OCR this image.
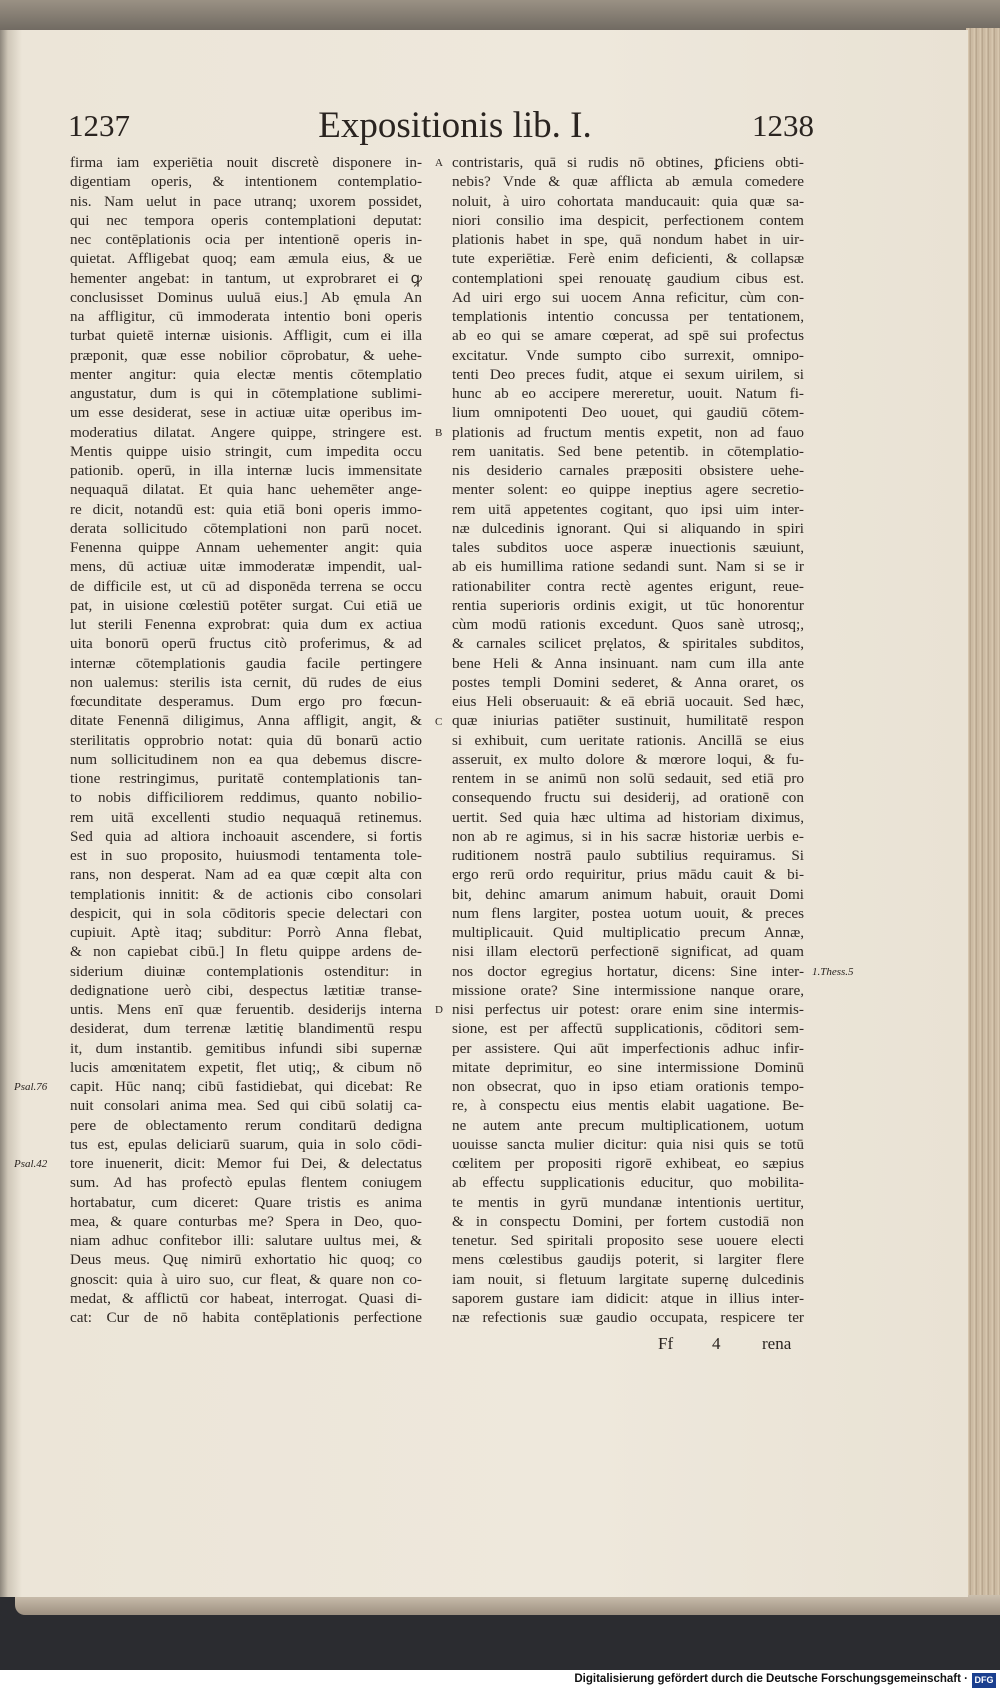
1237	Expositionis lib. I.	1238
firma iam experiētia nouit discretè disponere in-
digentiam operis, & intentionem contemplatio-
nis. Nam uelut in pace utranq; uxorem possidet,
qui nec tempora operis contemplationi deputat:
nec contēplationis ocia per intentionē operis in-
quietat. Affligebat quoq; eam æmula eius, & ue
hementer angebat: in tantum, ut exprobraret ei ꝙ
conclusisset Dominus uuluā eius.] Ab ęmula An
na affligitur, cū immoderata intentio boni operis
turbat quietē internæ uisionis. Affligit, cum ei illa
præponit, quæ esse nobilior cōprobatur, & uehe-
menter angitur: quia electæ mentis cōtemplatio
angustatur, dum is qui in cōtemplatione sublimi-
um esse desiderat, sese in actiuæ uitæ operibus im-
moderatius dilatat. Angere quippe, stringere est.
Mentis quippe uisio stringit, cum impedita occu
pationib. operū, in illa internæ lucis immensitate
nequaquā dilatat. Et quia hanc uehemēter ange-
re dicit, notandū est: quia etiā boni operis immo-
derata sollicitudo cōtemplationi non parū nocet.
Fenenna quippe Annam uehementer angit: quia
mens, dū actiuæ uitæ immoderatæ impendit, ual-
de difficile est, ut cū ad disponēda terrena se occu
pat, in uisione cœlestiū potēter surgat. Cui etiā ue
lut sterili Fenenna exprobrat: quia dum ex actiua
uita bonorū operū fructus citò proferimus, & ad
internæ cōtemplationis gaudia facile pertingere
non ualemus: sterilis ista cernit, dū rudes de eius
fœcunditate desperamus. Dum ergo pro fœcun-
ditate Fenennā diligimus, Anna affligit, angit, &
sterilitatis opprobrio notat: quia dū bonarū actio
num sollicitudinem non ea qua debemus discre-
tione restringimus, puritatē contemplationis tan-
to nobis difficiliorem reddimus, quanto nobilio-
rem uitā excellenti studio nequaquā retinemus.
Sed quia ad altiora inchoauit ascendere, si fortis
est in suo proposito, huiusmodi tentamenta tole-
rans, non desperat. Nam ad ea quæ cœpit alta con
templationis innitit: & de actionis cibo consolari
despicit, qui in sola cōditoris specie delectari con
cupiuit. Aptè itaq; subditur: Porrò Anna flebat,
& non capiebat cibū.] In fletu quippe ardens de-
siderium diuinæ contemplationis ostenditur: in
dedignatione uerò cibi, despectus lætitiæ transe-
untis. Mens enī quæ feruentib. desiderijs interna
desiderat, dum terrenæ lætitię blandimentū respu
it, dum instantib. gemitibus infundi sibi supernæ
lucis amœnitatem expetit, flet utiq;, & cibum nō
capit. Hūc nanq; cibū fastidiebat, qui dicebat: Re
nuit consolari anima mea. Sed qui cibū solatij ca-
pere de oblectamento rerum conditarū dedigna
tus est, epulas deliciarū suarum, quia in solo cōdi-
tore inuenerit, dicit: Memor fui Dei, & delectatus
sum. Ad has profectò epulas flentem coniugem
hortabatur, cum diceret: Quare tristis es anima
mea, & quare conturbas me? Spera in Deo, quo-
niam adhuc confitebor illi: salutare uultus mei, &
Deus meus. Quę nimirū exhortatio hic quoq; co
gnoscit: quia à uiro suo, cur fleat, & quare non co-
medat, & afflictū cor habeat, interrogat. Quasi di-
cat: Cur de nō habita contēplationis perfectione
contristaris, quā si rudis nō obtines, ꝑficiens obti-
nebis? Vnde & quæ afflicta ab æmula comedere
noluit, à uiro cohortata manducauit: quia quæ sa-
niori consilio ima despicit, perfectionem contem
plationis habet in spe, quā nondum habet in uir-
tute experiētiæ. Ferè enim deficienti, & collapsæ
contemplationi spei renouatę gaudium cibus est.
Ad uiri ergo sui uocem Anna reficitur, cùm con-
templationis intentio concussa per tentationem,
ab eo qui se amare cœperat, ad spē sui profectus
excitatur. Vnde sumpto cibo surrexit, omnipo-
tenti Deo preces fudit, atque ei sexum uirilem, si
hunc ab eo accipere mereretur, uouit. Natum fi-
lium omnipotenti Deo uouet, qui gaudiū cōtem-
plationis ad fructum mentis expetit, non ad fauo
rem uanitatis. Sed bene petentib. in cōtemplatio-
nis desiderio carnales præpositi obsistere uehe-
menter solent: eo quippe ineptius agere secretio-
rem uitā appetentes cogitant, quo ipsi uim inter-
næ dulcedinis ignorant. Qui si aliquando in spiri
tales subditos uoce asperæ inuectionis sæuiunt,
ab eis humillima ratione sedandi sunt. Nam si se ir
rationabiliter contra rectè agentes erigunt, reue-
rentia superioris ordinis exigit, ut tūc honorentur
cùm modū rationis excedunt. Quos sanè utrosq;,
& carnales scilicet pręlatos, & spiritales subditos,
bene Heli & Anna insinuant. nam cum illa ante
postes templi Domini sederet, & Anna oraret, os
eius Heli obseruauit: & eā ebriā uocauit. Sed hæc,
quæ iniurias patiēter sustinuit, humilitatē respon
si exhibuit, cum ueritate rationis. Ancillā se eius
asseruit, ex multo dolore & mœrore loqui, & fu-
rentem in se animū non solū sedauit, sed etiā pro
consequendo fructu sui desiderij, ad orationē con
uertit. Sed quia hæc ultima ad historiam diximus,
non ab re agimus, si in his sacræ historiæ uerbis e-
ruditionem nostrā paulo subtilius requiramus. Si
ergo rerū ordo requiritur, prius mādu cauit & bi-
bit, dehinc amarum animum habuit, orauit Domi
num flens largiter, postea uotum uouit, & preces
multiplicauit. Quid multiplicatio precum Annæ,
nisi illam electorū perfectionē significat, ad quam
nos doctor egregius hortatur, dicens: Sine inter-
missione orate? Sine intermissione nanque orare,
nisi perfectus uir potest: orare enim sine intermis-
sione, est per affectū supplicationis, cōditori sem-
per assistere. Qui aūt imperfectionis adhuc infir-
mitate deprimitur, eo sine intermissione Dominū
non obsecrat, quo in ipso etiam orationis tempo-
re, à conspectu eius mentis elabit uagatione. Be-
ne autem ante precum multiplicationem, uotum
uouisse sancta mulier dicitur: quia nisi quis se totū
cœlitem per propositi rigorē exhibeat, eo sæpius
ab effectu supplicationis educitur, quo mobilita-
te mentis in gyrū mundanæ intentionis uertitur,
& in conspectu Domini, per fortem custodiā non
tenetur. Sed spiritali proposito sese uouere electi
mens cœlestibus gaudijs poterit, si largiter flere
iam nouit, si fletuum largitate supernę dulcedinis
saporem gustare iam didicit: atque in illius inter-
næ refectionis suæ gaudio occupata, respicere ter
A
B
C
D
Psal.76
Psal.42
1.Thess.5
Ff 4 rena
Digitalisierung gefördert durch die Deutsche Forschungsgemeinschaft · DFG
